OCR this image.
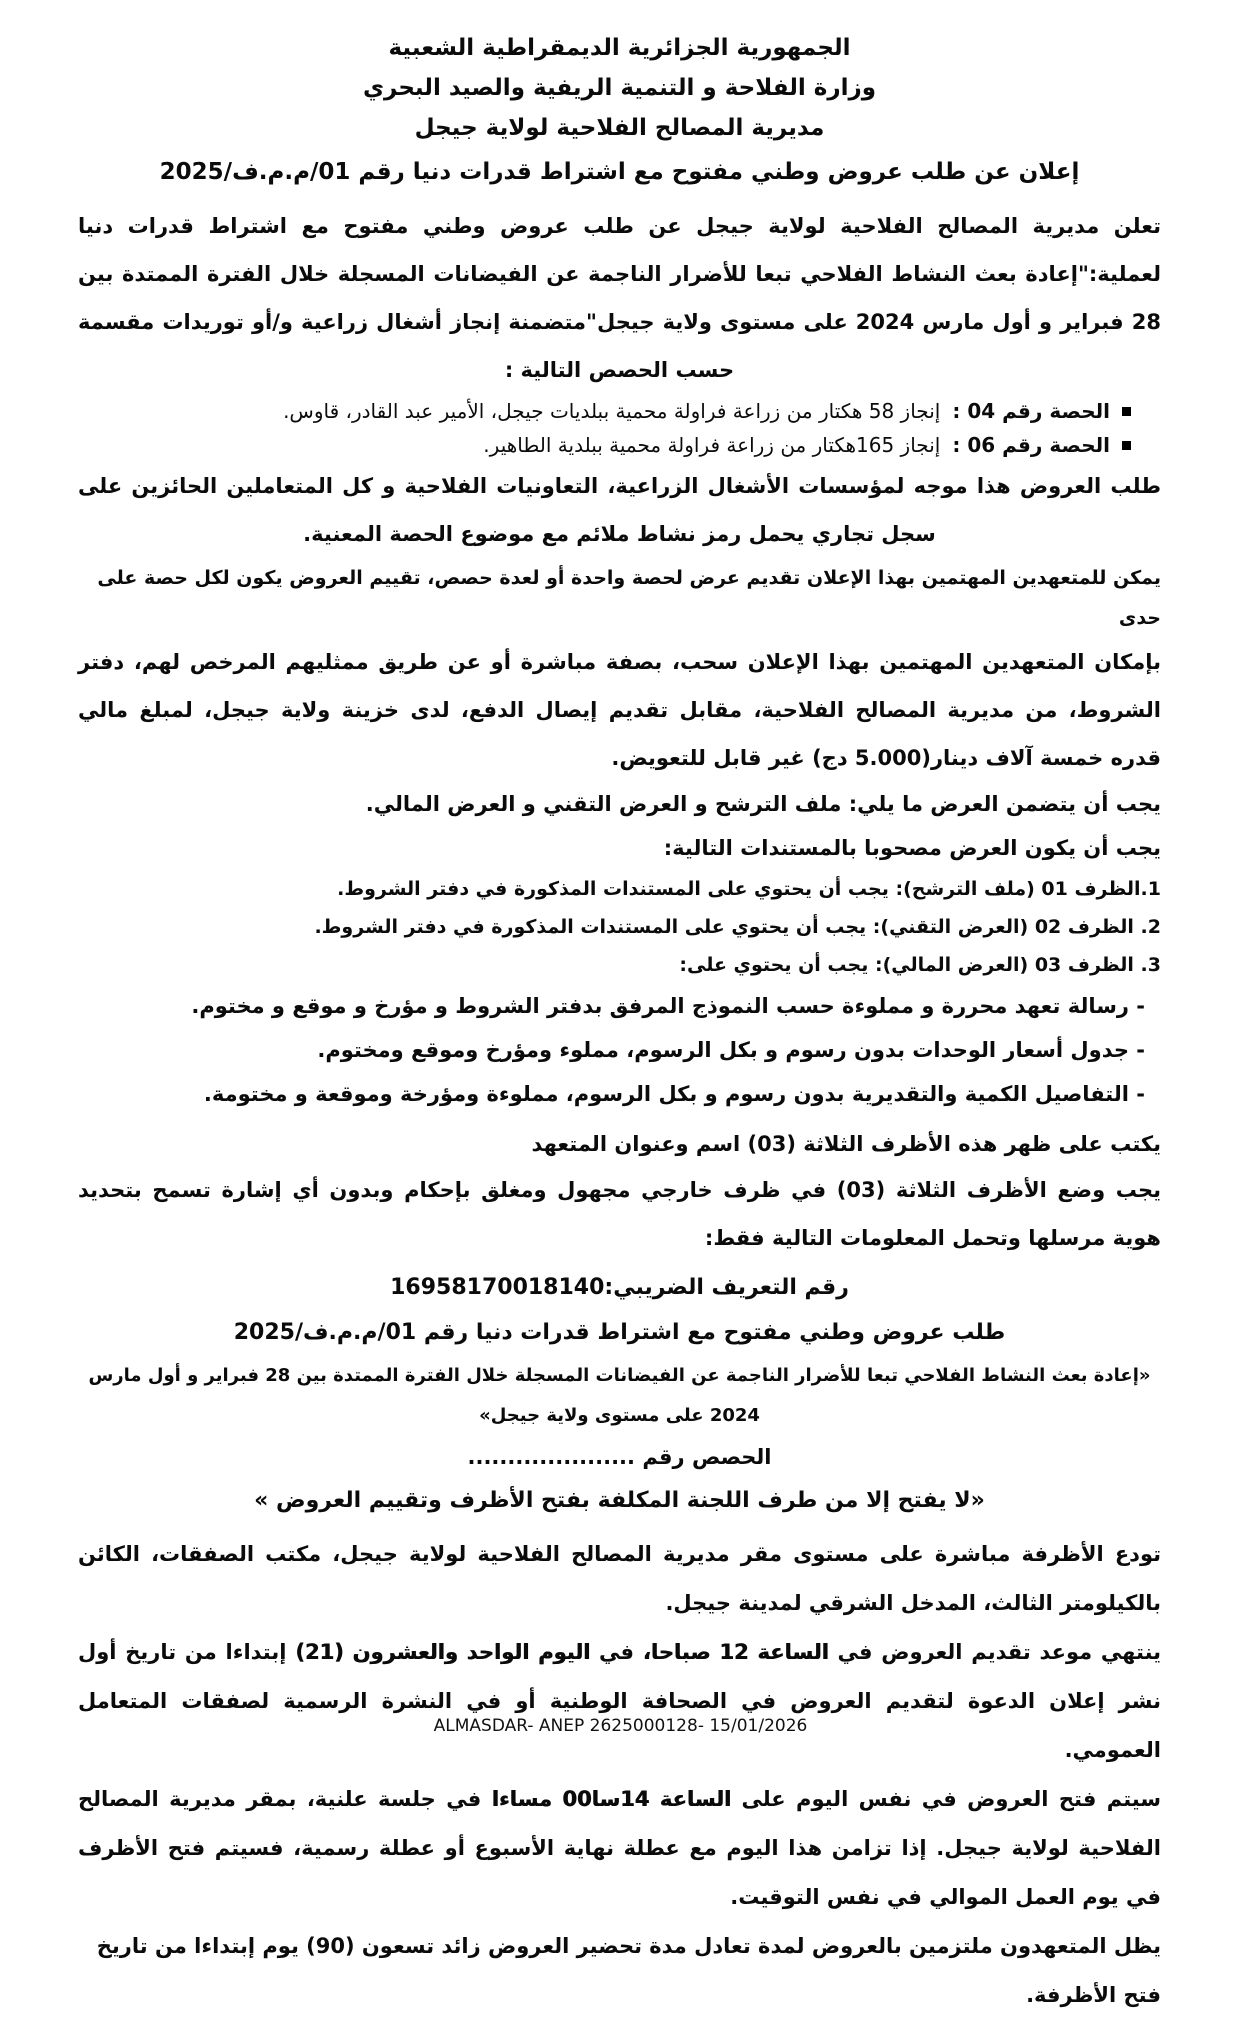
الجمهورية الجزائرية الديمقراطية الشعبية
وزارة الفلاحة و التنمية الريفية والصيد البحري
مديرية المصالح الفلاحية لولاية جيجل
إعلان عن طلب عروض وطني مفتوح مع اشتراط قدرات دنيا رقم 01/م.م.ف/2025
تعلن مديرية المصالح الفلاحية لولاية جيجل عن طلب عروض وطني مفتوح مع اشتراط قدرات دنيا لعملية:"إعادة بعث النشاط الفلاحي تبعا للأضرار الناجمة عن الفيضانات المسجلة خلال الفترة الممتدة بين 28 فبراير و أول مارس 2024 على مستوى ولاية جيجل"متضمنة إنجاز أشغال زراعية و/أو توريدات مقسمة حسب الحصص التالية :
الحصة رقم 04 :
إنجاز 58 هكتار من زراعة فراولة محمية ببلديات جيجل، الأمير عبد القادر، قاوس.
الحصة رقم 06 :
إنجاز 165هكتار من زراعة فراولة محمية ببلدية الطاهير.
طلب العروض هذا موجه لمؤسسات الأشغال الزراعية، التعاونيات الفلاحية و كل المتعاملين الحائزين على سجل تجاري يحمل رمز نشاط ملائم مع موضوع الحصة المعنية.
يمكن للمتعهدين المهتمين بهذا الإعلان تقديم عرض لحصة واحدة أو لعدة حصص، تقييم العروض يكون لكل حصة على حدى
بإمكان المتعهدين المهتمين بهذا الإعلان سحب، بصفة مباشرة أو عن طريق ممثليهم المرخص لهم، دفتر الشروط، من مديرية المصالح الفلاحية، مقابل تقديم إيصال الدفع، لدى خزينة ولاية جيجل، لمبلغ مالي قدره خمسة آلاف دينار(5.000 دج) غير قابل للتعويض.
يجب أن يتضمن العرض ما يلي: ملف الترشح و العرض التقني و العرض المالي.
يجب أن يكون العرض مصحوبا بالمستندات التالية:
1.الظرف 01 (ملف الترشح): يجب أن يحتوي على المستندات المذكورة في دفتر الشروط.
2. الظرف 02 (العرض التقني): يجب أن يحتوي على المستندات المذكورة في دفتر الشروط.
3. الظرف 03 (العرض المالي): يجب أن يحتوي على:
- رسالة تعهد محررة و مملوءة حسب النموذج المرفق بدفتر الشروط و مؤرخ و موقع و مختوم.
- جدول أسعار الوحدات بدون رسوم و بكل الرسوم، مملوء ومؤرخ وموقع ومختوم.
- التفاصيل الكمية والتقديرية بدون رسوم و بكل الرسوم، مملوءة ومؤرخة وموقعة و مختومة.
يكتب على ظهر هذه الأظرف الثلاثة (03) اسم وعنوان المتعهد
يجب وضع الأظرف الثلاثة (03) في ظرف خارجي مجهول ومغلق بإحكام وبدون أي إشارة تسمح بتحديد هوية مرسلها وتحمل المعلومات التالية فقط:
رقم التعريف الضريبي:16958170018140
طلب عروض وطني مفتوح مع اشتراط قدرات دنيا رقم 01/م.م.ف/2025
«إعادة بعث النشاط الفلاحي تبعا للأضرار الناجمة عن الفيضانات المسجلة خلال الفترة الممتدة بين 28 فبراير و أول مارس 2024 على مستوى ولاية جيجل»
الحصص رقم .....................
«لا يفتح إلا من طرف اللجنة المكلفة بفتح الأظرف وتقييم العروض »
تودع الأظرفة مباشرة على مستوى مقر مديرية المصالح الفلاحية لولاية جيجل، مكتب الصفقات، الكائن بالكيلومتر الثالث، المدخل الشرقي لمدينة جيجل.
ينتهي موعد تقديم العروض في الساعة 12 صباحا، في اليوم الواحد والعشرون (21) إبتداءا من تاريخ أول نشر إعلان الدعوة لتقديم العروض في الصحافة الوطنية أو في النشرة الرسمية لصفقات المتعامل العمومي.
سيتم فتح العروض في نفس اليوم على الساعة 14سا00 مساءا في جلسة علنية، بمقر مديرية المصالح الفلاحية لولاية جيجل. إذا تزامن هذا اليوم مع عطلة نهاية الأسبوع أو عطلة رسمية، فسيتم فتح الأظرف في يوم العمل الموالي في نفس التوقيت.
يظل المتعهدون ملتزمين بالعروض لمدة تعادل مدة تحضير العروض زائد تسعون (90) يوم إبتداءا من تاريخ فتح الأظرفة.
ALMASDAR- ANEP 2625000128- 15/01/2026
